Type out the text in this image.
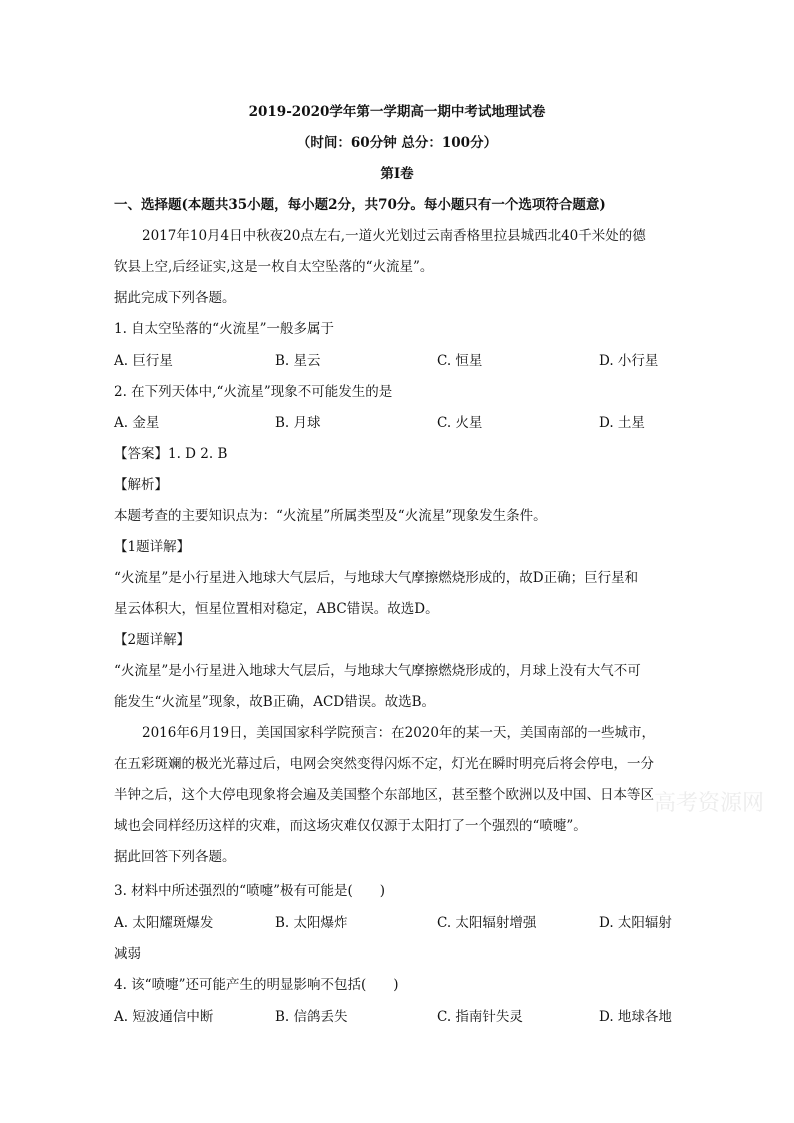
2019-2020学年第一学期高一期中考试地理试卷
（时间：60分钟 总分：100分）
第Ⅰ卷
一、选择题(本题共35小题，每小题2分，共70分。每小题只有一个选项符合题意)
2017年10月4日中秋夜20点左右,一道火光划过云南香格里拉县城西北40千米处的德
钦县上空,后经证实,这是一枚自太空坠落的“火流星”。
据此完成下列各题。
1. 自太空坠落的“火流星”一般多属于
A. 巨行星	B. 星云	C. 恒星	D. 小行星
2. 在下列天体中,“火流星”现象不可能发生的是
A. 金星	B. 月球	C. 火星	D. 土星
【答案】1. D 2. B
【解析】
本题考查的主要知识点为：“火流星”所属类型及“火流星”现象发生条件。
【1题详解】
“火流星”是小行星进入地球大气层后，与地球大气摩擦燃烧形成的，故D正确；巨行星和
星云体积大，恒星位置相对稳定，ABC错误。故选D。
【2题详解】
“火流星”是小行星进入地球大气层后，与地球大气摩擦燃烧形成的，月球上没有大气不可
能发生“火流星”现象，故B正确，ACD错误。故选B。
2016年6月19日，美国国家科学院预言：在2020年的某一天，美国南部的一些城市，
在五彩斑斓的极光光幕过后，电网会突然变得闪烁不定，灯光在瞬时明亮后将会停电，一分
半钟之后，这个大停电现象将会遍及美国整个东部地区，甚至整个欧洲以及中国、日本等区
域也会同样经历这样的灾难，而这场灾难仅仅源于太阳打了一个强烈的“喷嚏”。
据此回答下列各题。
3. 材料中所述强烈的“喷嚏”极有可能是(　　)
A. 太阳耀斑爆发	B. 太阳爆炸	C. 太阳辐射增强	D. 太阳辐射
减弱
4. 该“喷嚏”还可能产生的明显影响不包括(　　)
A. 短波通信中断	B. 信鸽丢失	C. 指南针失灵	D. 地球各地
高考资源网
